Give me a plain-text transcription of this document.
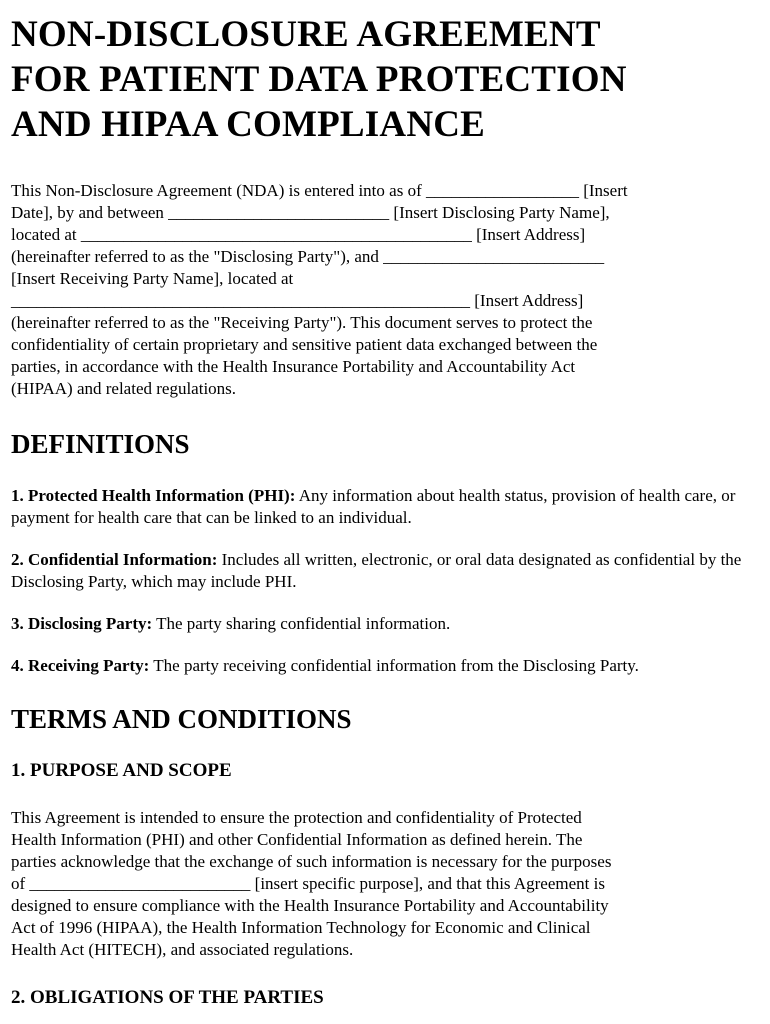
NON-DISCLOSURE AGREEMENT
FOR PATIENT DATA PROTECTION
AND HIPAA COMPLIANCE

This Non-Disclosure Agreement (NDA) is entered into as of __________________ [Insert
Date], by and between __________________________ [Insert Disclosing Party Name],
located at ______________________________________________ [Insert Address]
(hereinafter referred to as the "Disclosing Party"), and __________________________
[Insert Receiving Party Name], located at
______________________________________________________ [Insert Address]
(hereinafter referred to as the "Receiving Party"). This document serves to protect the
confidentiality of certain proprietary and sensitive patient data exchanged between the
parties, in accordance with the Health Insurance Portability and Accountability Act
(HIPAA) and related regulations.

DEFINITIONS

1. Protected Health Information (PHI): Any information about health status, provision of health care, or payment for health care that can be linked to an individual.

2. Confidential Information: Includes all written, electronic, or oral data designated as confidential by the Disclosing Party, which may include PHI.

3. Disclosing Party: The party sharing confidential information.

4. Receiving Party: The party receiving confidential information from the Disclosing Party.

TERMS AND CONDITIONS
1. PURPOSE AND SCOPE

This Agreement is intended to ensure the protection and confidentiality of Protected
Health Information (PHI) and other Confidential Information as defined herein. The
parties acknowledge that the exchange of such information is necessary for the purposes
of __________________________ [insert specific purpose], and that this Agreement is
designed to ensure compliance with the Health Insurance Portability and Accountability
Act of 1996 (HIPAA), the Health Information Technology for Economic and Clinical
Health Act (HITECH), and associated regulations.

2. OBLIGATIONS OF THE PARTIES
